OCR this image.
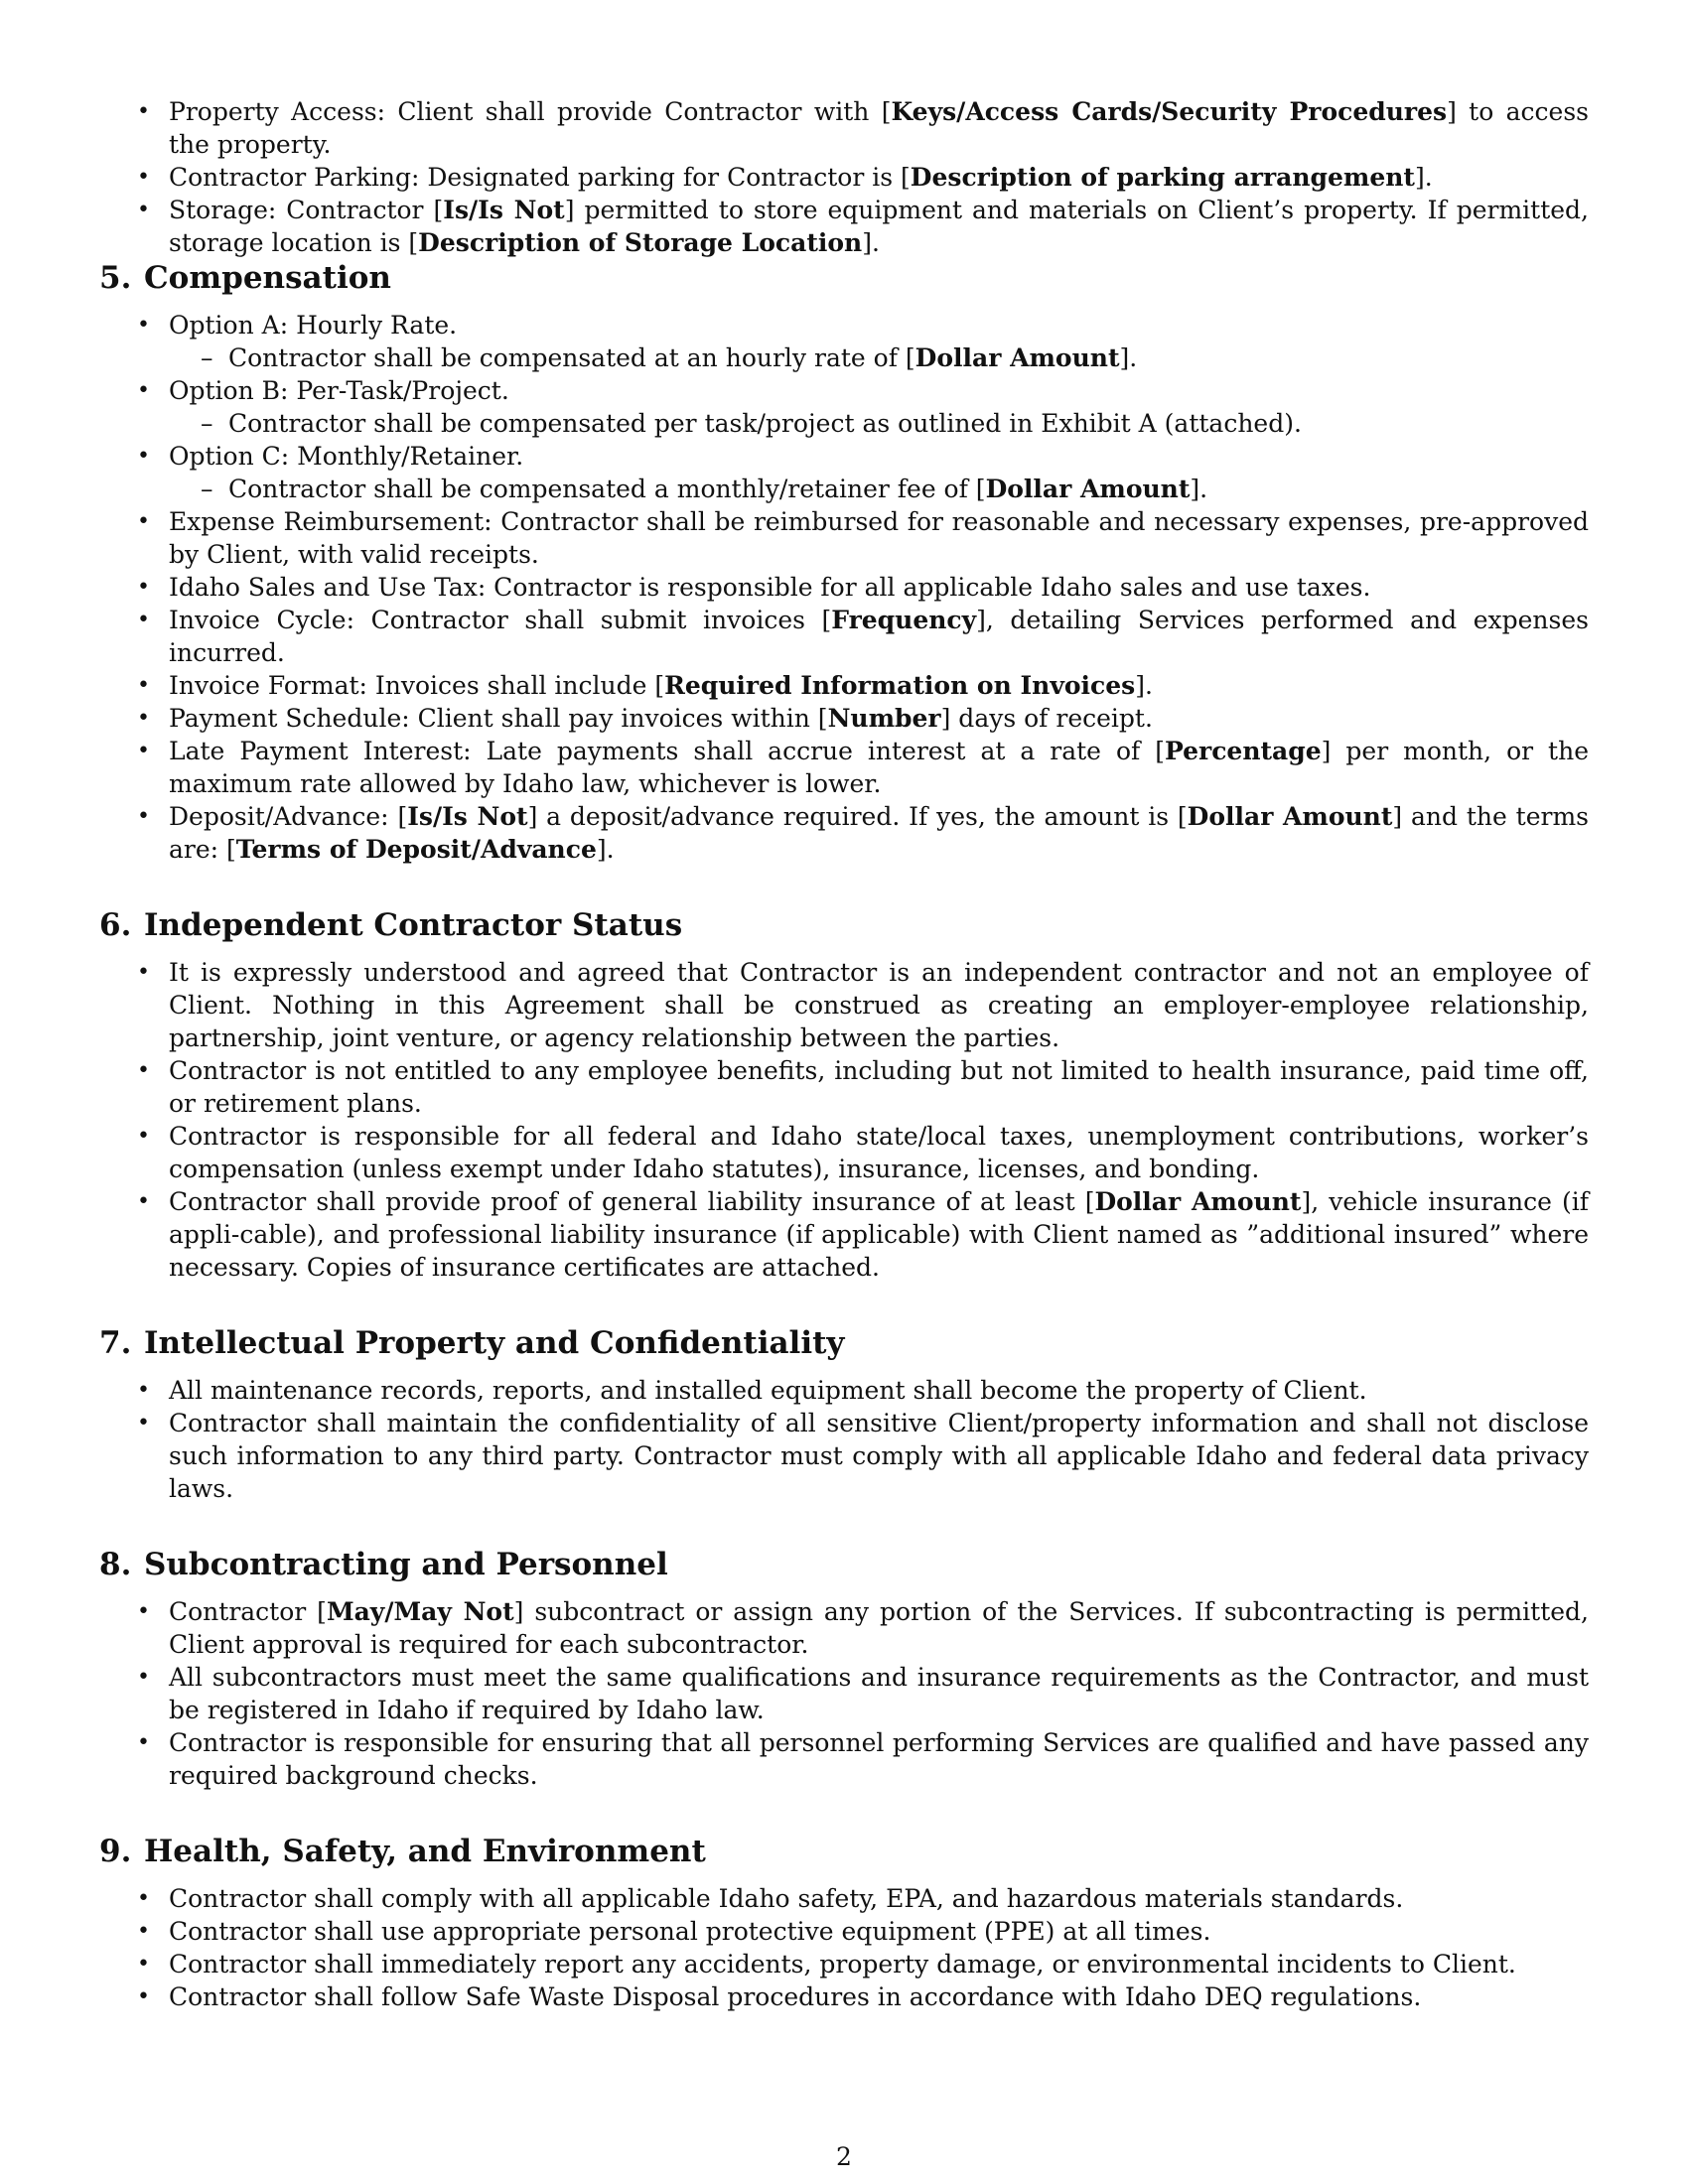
• Property Access: Client shall provide Contractor with [Keys/Access Cards/Security Procedures] to access the property.
• Contractor Parking: Designated parking for Contractor is [Description of parking arrangement].
• Storage: Contractor [Is/Is Not] permitted to store equipment and materials on Client’s property. If permitted, storage location is [Description of Storage Location].
5. Compensation
• Option A: Hourly Rate.
– Contractor shall be compensated at an hourly rate of [Dollar Amount].
• Option B: Per-Task/Project.
– Contractor shall be compensated per task/project as outlined in Exhibit A (attached).
• Option C: Monthly/Retainer.
– Contractor shall be compensated a monthly/retainer fee of [Dollar Amount].
• Expense Reimbursement: Contractor shall be reimbursed for reasonable and necessary expenses, pre-approved by Client, with valid receipts.
• Idaho Sales and Use Tax: Contractor is responsible for all applicable Idaho sales and use taxes.
• Invoice Cycle: Contractor shall submit invoices [Frequency], detailing Services performed and expenses incurred.
• Invoice Format: Invoices shall include [Required Information on Invoices].
• Payment Schedule: Client shall pay invoices within [Number] days of receipt.
• Late Payment Interest: Late payments shall accrue interest at a rate of [Percentage] per month, or the maximum rate allowed by Idaho law, whichever is lower.
• Deposit/Advance: [Is/Is Not] a deposit/advance required. If yes, the amount is [Dollar Amount] and the terms are: [Terms of Deposit/Advance].
6. Independent Contractor Status
• It is expressly understood and agreed that Contractor is an independent contractor and not an employee of Client. Nothing in this Agreement shall be construed as creating an employer-employee relationship, partnership, joint venture, or agency relationship between the parties.
• Contractor is not entitled to any employee benefits, including but not limited to health insurance, paid time off, or retirement plans.
• Contractor is responsible for all federal and Idaho state/local taxes, unemployment contributions, worker’s compensation (unless exempt under Idaho statutes), insurance, licenses, and bonding.
• Contractor shall provide proof of general liability insurance of at least [Dollar Amount], vehicle insurance (if appli-cable), and professional liability insurance (if applicable) with Client named as ”additional insured” where necessary. Copies of insurance certificates are attached.
7. Intellectual Property and Confidentiality
• All maintenance records, reports, and installed equipment shall become the property of Client.
• Contractor shall maintain the confidentiality of all sensitive Client/property information and shall not disclose such information to any third party. Contractor must comply with all applicable Idaho and federal data privacy laws.
8. Subcontracting and Personnel
• Contractor [May/May Not] subcontract or assign any portion of the Services. If subcontracting is permitted, Client approval is required for each subcontractor.
• All subcontractors must meet the same qualifications and insurance requirements as the Contractor, and must be registered in Idaho if required by Idaho law.
• Contractor is responsible for ensuring that all personnel performing Services are qualified and have passed any required background checks.
9. Health, Safety, and Environment
• Contractor shall comply with all applicable Idaho safety, EPA, and hazardous materials standards.
• Contractor shall use appropriate personal protective equipment (PPE) at all times.
• Contractor shall immediately report any accidents, property damage, or environmental incidents to Client.
• Contractor shall follow Safe Waste Disposal procedures in accordance with Idaho DEQ regulations.
2
